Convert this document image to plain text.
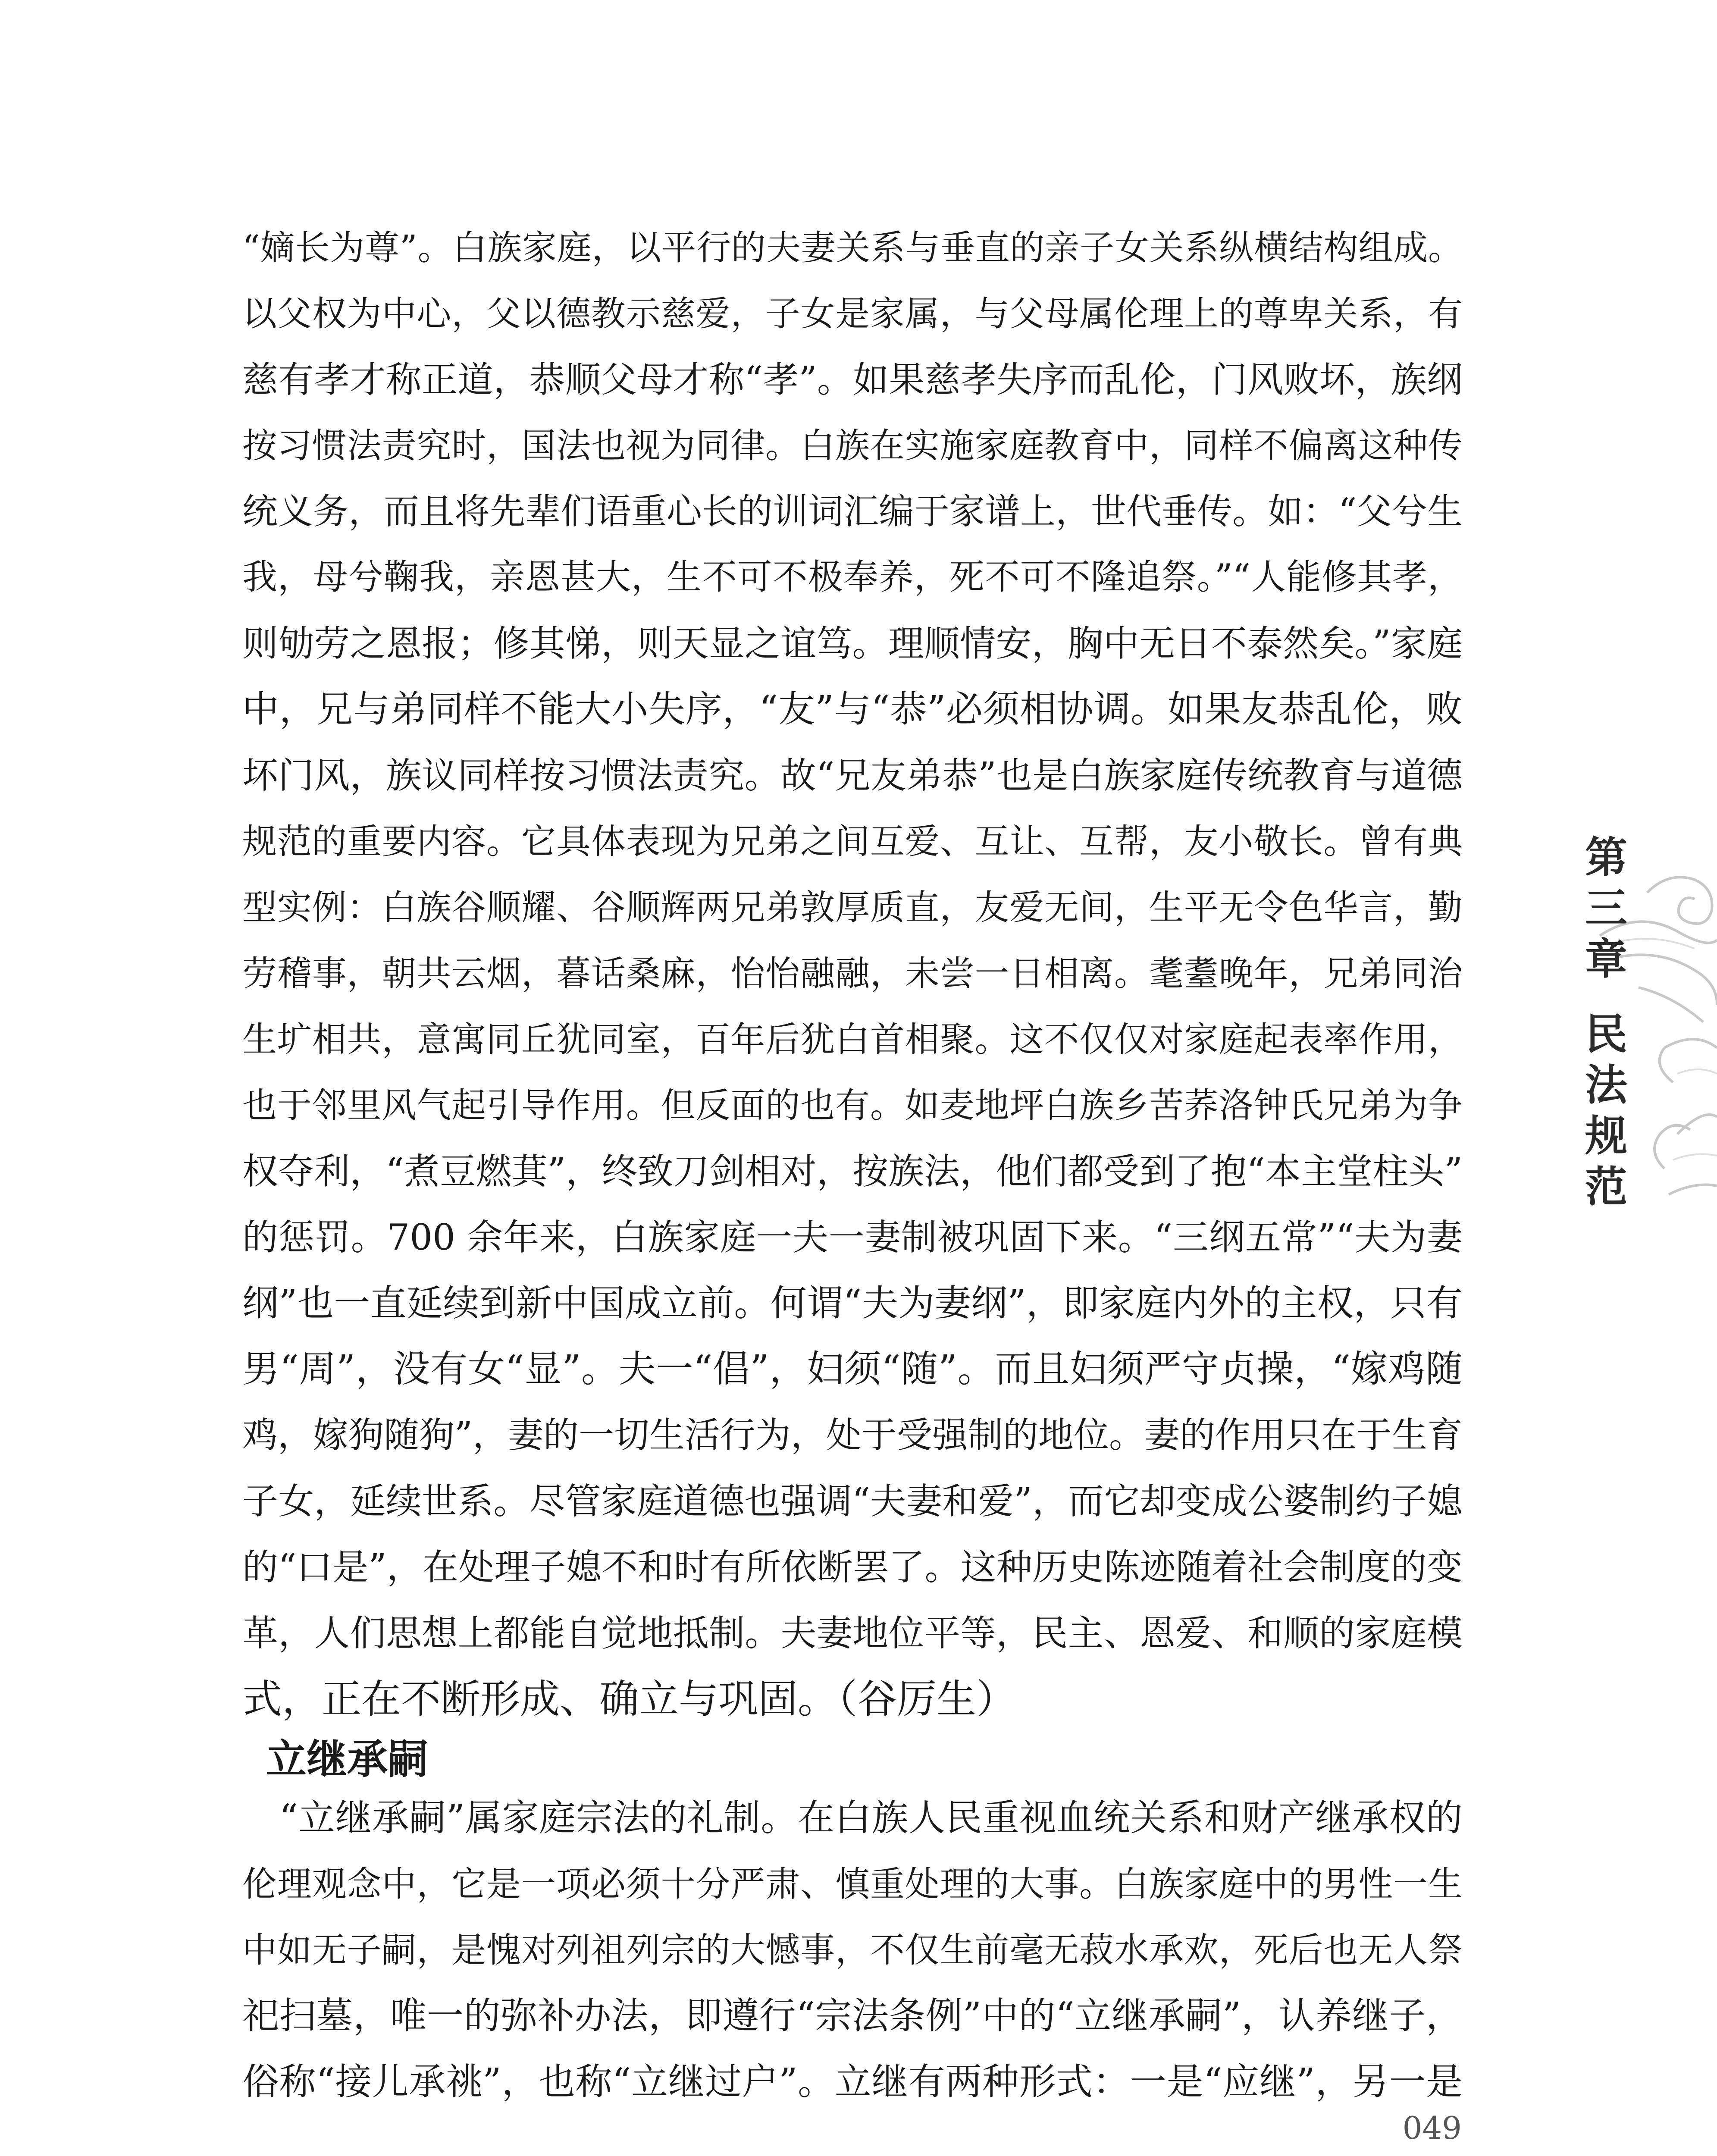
“嫡长为尊”。白族家庭，以平行的夫妻关系与垂直的亲子女关系纵横结构组成。
以父权为中心，父以德教示慈爱，子女是家属，与父母属伦理上的尊卑关系，有
慈有孝才称正道，恭顺父母才称“孝”。如果慈孝失序而乱伦，门风败坏，族纲
按习惯法责究时，国法也视为同律。白族在实施家庭教育中，同样不偏离这种传
统义务，而且将先辈们语重心长的训词汇编于家谱上，世代垂传。如：“父兮生
我，母兮鞠我，亲恩甚大，生不可不极奉养，死不可不隆追祭。”“人能修其孝，
则劬劳之恩报；修其悌，则天显之谊笃。理顺情安，胸中无日不泰然矣。”家庭
中，兄与弟同样不能大小失序，“友”与“恭”必须相协调。如果友恭乱伦，败
坏门风，族议同样按习惯法责究。故“兄友弟恭”也是白族家庭传统教育与道德
规范的重要内容。它具体表现为兄弟之间互爱、互让、互帮，友小敬长。曾有典
型实例：白族谷顺耀、谷顺辉两兄弟敦厚质直，友爱无间，生平无令色华言，勤
劳稽事，朝共云烟，暮话桑麻，怡怡融融，未尝一日相离。耄耋晚年，兄弟同治
生圹相共，意寓同丘犹同室，百年后犹白首相聚。这不仅仅对家庭起表率作用，
也于邻里风气起引导作用。但反面的也有。如麦地坪白族乡苦荞洛钟氏兄弟为争
权夺利，“煮豆燃萁”，终致刀剑相对，按族法，他们都受到了抱“本主堂柱头”
的惩罚。700 余年来，白族家庭一夫一妻制被巩固下来。“三纲五常”“夫为妻
纲”也一直延续到新中国成立前。何谓“夫为妻纲”，即家庭内外的主权，只有
男“周”，没有女“显”。夫一“倡”，妇须“随”。而且妇须严守贞操，“嫁鸡随
鸡，嫁狗随狗”，妻的一切生活行为，处于受强制的地位。妻的作用只在于生育
子女，延续世系。尽管家庭道德也强调“夫妻和爱”，而它却变成公婆制约子媳
的“口是”，在处理子媳不和时有所依断罢了。这种历史陈迹随着社会制度的变
革，人们思想上都能自觉地抵制。夫妻地位平等，民主、恩爱、和顺的家庭模
式，正在不断形成、确立与巩固。（谷厉生）
立继承嗣
　“立继承嗣”属家庭宗法的礼制。在白族人民重视血统关系和财产继承权的
伦理观念中，它是一项必须十分严肃、慎重处理的大事。白族家庭中的男性一生
中如无子嗣，是愧对列祖列宗的大憾事，不仅生前毫无菽水承欢，死后也无人祭
祀扫墓，唯一的弥补办法，即遵行“宗法条例”中的“立继承嗣”，认养继子，
俗称“接儿承祧”，也称“立继过户”。立继有两种形式：一是“应继”，另一是
049
第三章
民法规范
